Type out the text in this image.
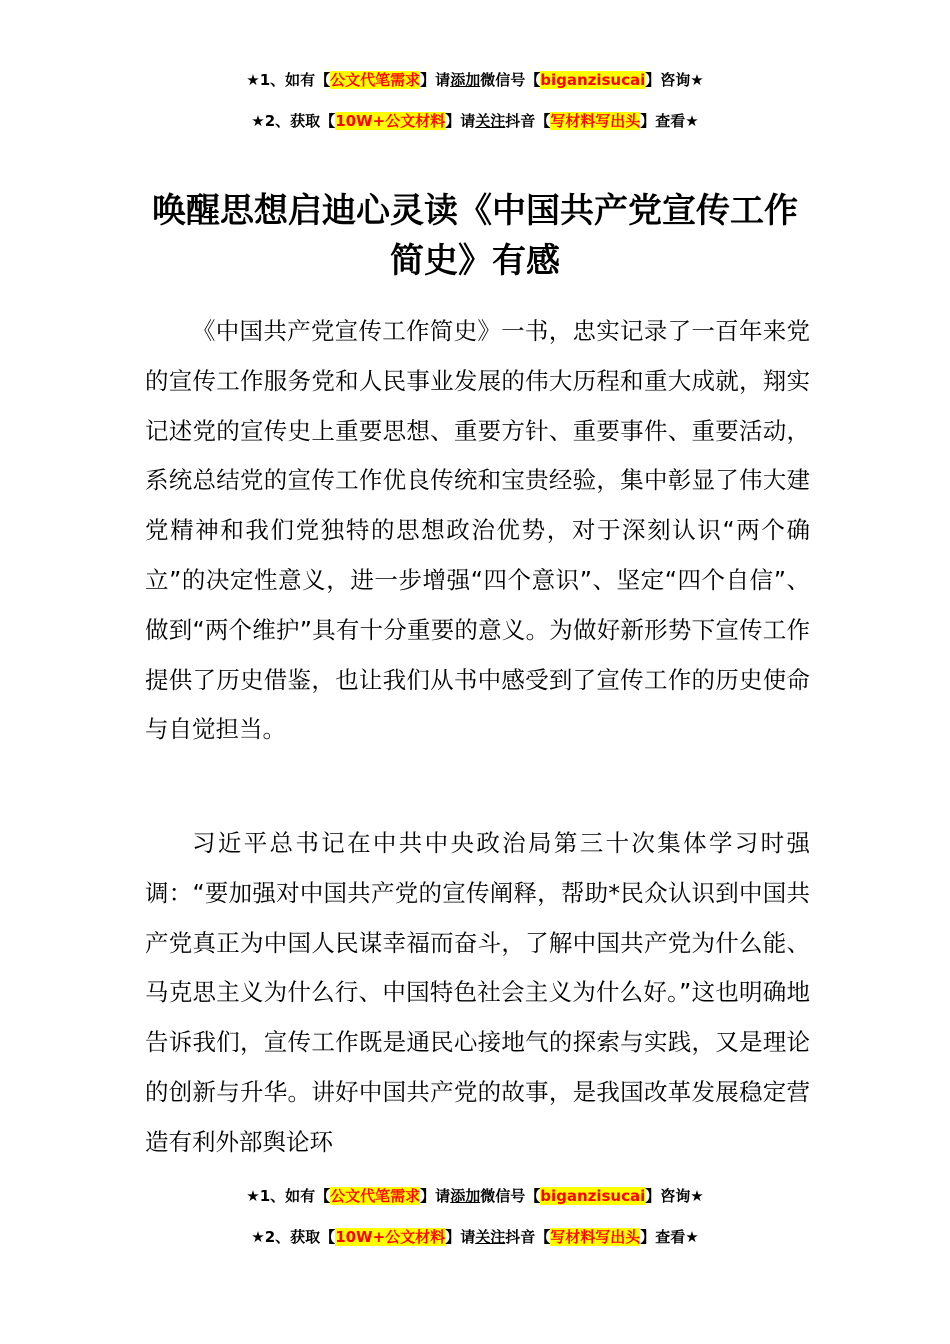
★1、如有【公文代笔需求】请添加微信号【biganzisucai】咨询★
★2、获取【10W+公文材料】请关注抖音【写材料写出头】查看★
唤醒思想启迪心灵读《中国共产党宣传工作简史》有感

《中国共产党宣传工作简史》一书，忠实记录了一百年来党的宣传工作服务党和人民事业发展的伟大历程和重大成就，翔实记述党的宣传史上重要思想、重要方针、重要事件、重要活动，系统总结党的宣传工作优良传统和宝贵经验，集中彰显了伟大建党精神和我们党独特的思想政治优势，对于深刻认识“两个确立”的决定性意义，进一步增强“四个意识”、坚定“四个自信”、做到“两个维护”具有十分重要的意义。为做好新形势下宣传工作提供了历史借鉴，也让我们从书中感受到了宣传工作的历史使命与自觉担当。

习近平总书记在中共中央政治局第三十次集体学习时强调：“要加强对中国共产党的宣传阐释，帮助*民众认识到中国共产党真正为中国人民谋幸福而奋斗，了解中国共产党为什么能、马克思主义为什么行、中国特色社会主义为什么好。”这也明确地告诉我们，宣传工作既是通民心接地气的探索与实践，又是理论的创新与升华。讲好中国共产党的故事，是我国改革发展稳定营造有利外部舆论环

★1、如有【公文代笔需求】请添加微信号【biganzisucai】咨询★
★2、获取【10W+公文材料】请关注抖音【写材料写出头】查看★
